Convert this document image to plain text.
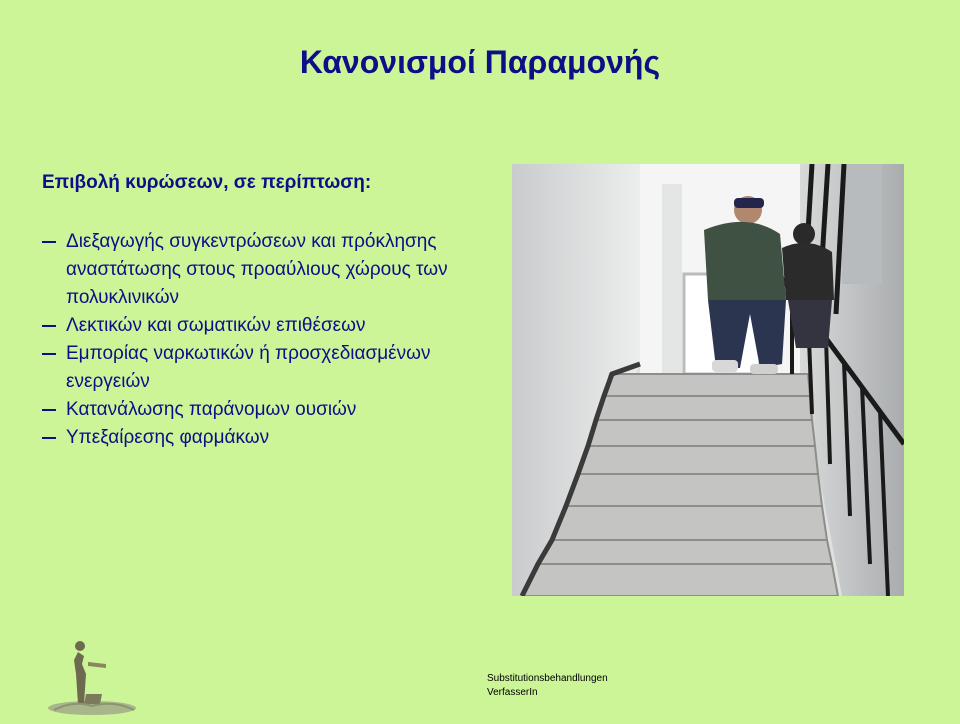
Κανονισμοί Παραμονής
Επιβολή κυρώσεων, σε περίπτωση:
Διεξαγωγής συγκεντρώσεων και πρόκλησης αναστάτωσης στους προαύλιους χώρους των πολυκλινικών
Λεκτικών και σωματικών επιθέσεων
Εμπορίας ναρκωτικών ή προσχεδιασμένων ενεργειών
Κατανάλωσης παράνομων ουσιών
Υπεξαίρεσης φαρμάκων
Substitutionsbehandlungen
VerfasserIn
